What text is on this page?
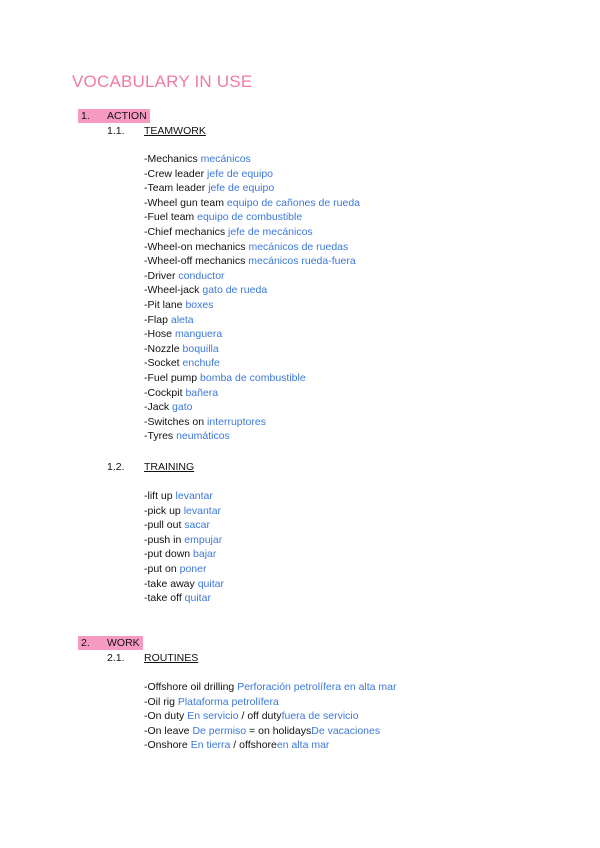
VOCABULARY IN USE
1. ACTION
1.1. TEAMWORK
-Mechanics mecánicos
-Crew leader jefe de equipo
-Team leader jefe de equipo
-Wheel gun team equipo de cañones de rueda
-Fuel team equipo de combustible
-Chief mechanics jefe de mecánicos
-Wheel-on mechanics mecánicos de ruedas
-Wheel-off mechanics mecánicos rueda-fuera
-Driver conductor
-Wheel-jack gato de rueda
-Pit lane boxes
-Flap aleta
-Hose manguera
-Nozzle boquilla
-Socket enchufe
-Fuel pump bomba de combustible
-Cockpit bañera
-Jack gato
-Switches on interruptores
-Tyres neumáticos
1.2. TRAINING
-lift up levantar
-pick up levantar
-pull out sacar
-push in empujar
-put down bajar
-put on poner
-take away quitar
-take off quitar
2. WORK
2.1. ROUTINES
-Offshore oil drilling Perforación petrolífera en alta mar
-Oil rig Plataforma petrolífera
-On duty En servicio / off dutyfuera de servicio
-On leave De permiso = on holidaysDe vacaciones
-Onshore En tierra / offshoreen alta mar
